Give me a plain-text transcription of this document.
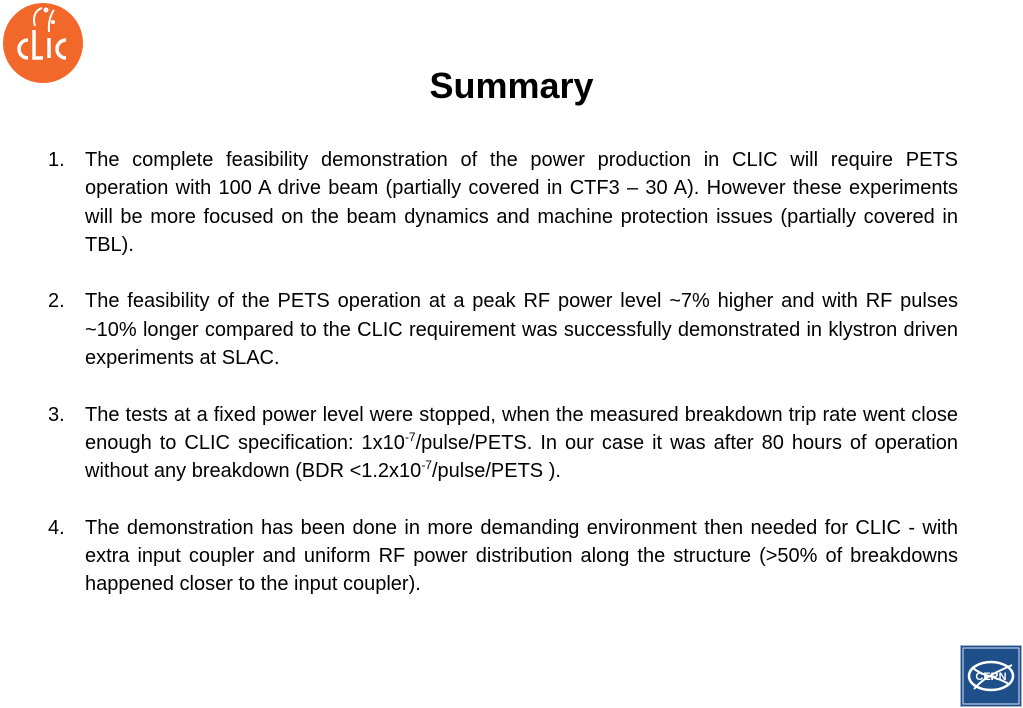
Summary
1. The complete feasibility demonstration of the power production in CLIC will require PETS operation with 100 A drive beam (partially covered in CTF3 – 30 A). However these experiments will be more focused on the beam dynamics and machine protection issues (partially covered in TBL).
2. The feasibility of the PETS operation at a peak RF power level ~7% higher and with RF pulses ~10% longer compared to the CLIC requirement was successfully demonstrated in klystron driven experiments at SLAC.
3. The tests at a fixed power level were stopped, when the measured breakdown trip rate went close enough to CLIC specification: $1x10^{-7}/pulse$/PETS. In our case it was after 80 hours of operation without any breakdown ($BDR <1.2x10^{-7}/pulse$/PETS ).
4. The demonstration has been done in more demanding environment then needed for CLIC - with extra input coupler and uniform RF power distribution along the structure (>50% of breakdowns happened closer to the input coupler).
CERN
